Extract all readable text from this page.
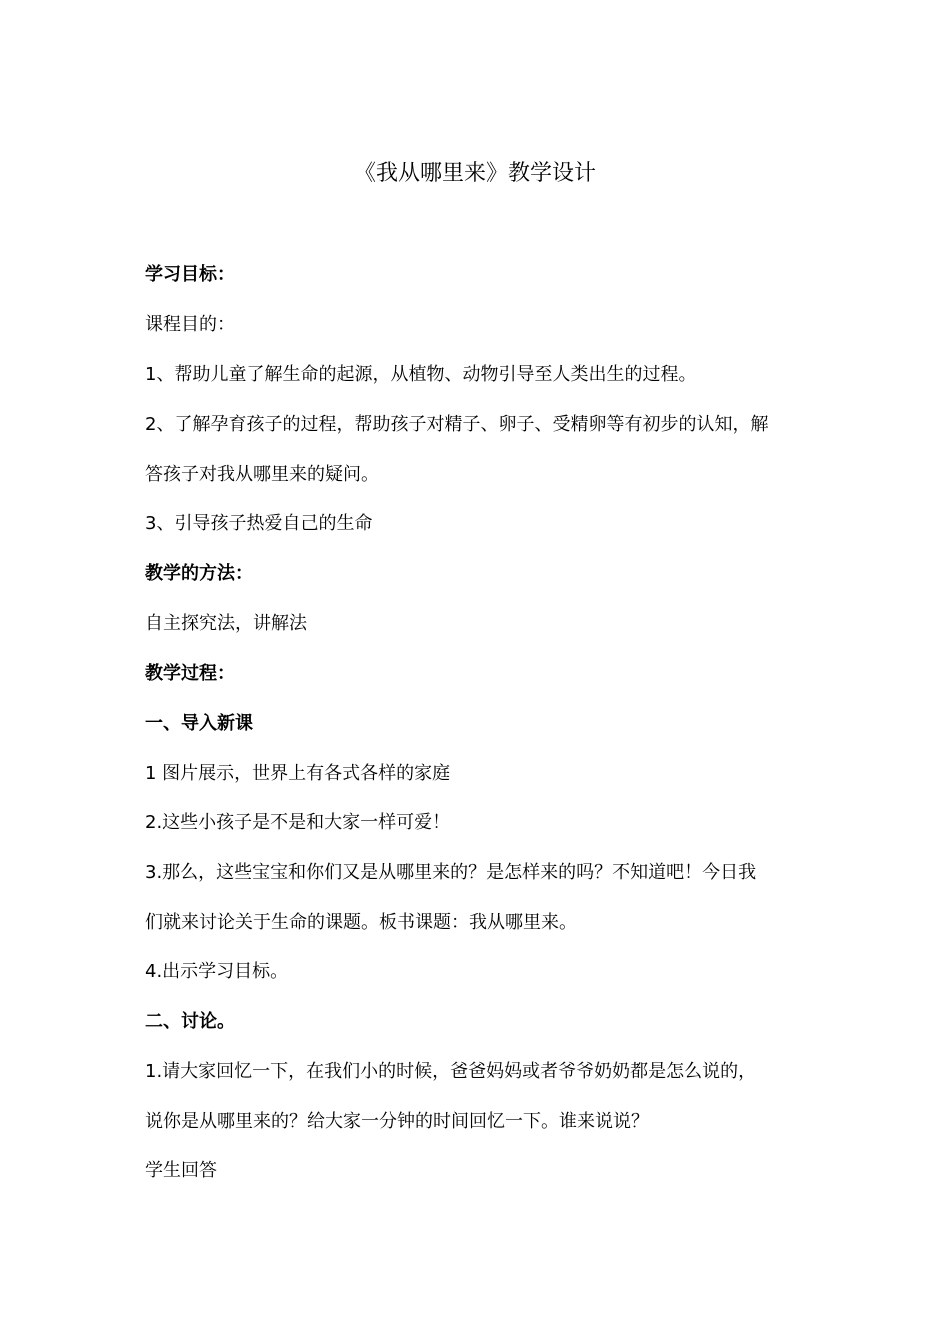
《我从哪里来》教学设计
学习目标：
课程目的：
1、帮助儿童了解生命的起源，从植物、动物引导至人类出生的过程。
2、了解孕育孩子的过程，帮助孩子对精子、卵子、受精卵等有初步的认知，解
答孩子对我从哪里来的疑问。
3、引导孩子热爱自己的生命
教学的方法：
自主探究法，讲解法
教学过程：
一、导入新课
1 图片展示，世界上有各式各样的家庭
2.这些小孩子是不是和大家一样可爱！
3.那么，这些宝宝和你们又是从哪里来的？是怎样来的吗？不知道吧！今日我
们就来讨论关于生命的课题。板书课题：我从哪里来。
4.出示学习目标。
二、讨论。
1.请大家回忆一下，在我们小的时候，爸爸妈妈或者爷爷奶奶都是怎么说的，
说你是从哪里来的？给大家一分钟的时间回忆一下。谁来说说？
学生回答
